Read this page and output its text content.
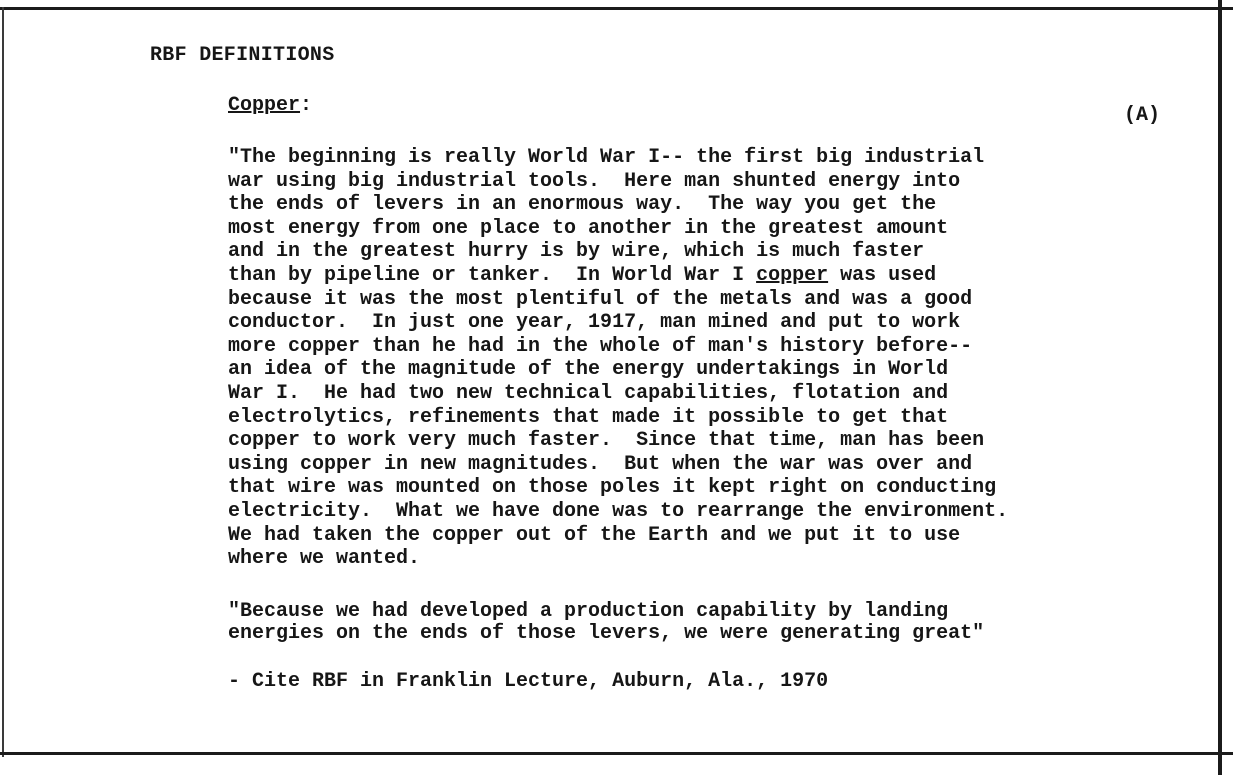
RBF DEFINITIONS
Copper:	(A)
"The beginning is really World War I-- the first big industrial
war using big industrial tools.  Here man shunted energy into
the ends of levers in an enormous way.  The way you get the
most energy from one place to another in the greatest amount
and in the greatest hurry is by wire, which is much faster
than by pipeline or tanker.  In World War I copper was used
because it was the most plentiful of the metals and was a good
conductor.  In just one year, 1917, man mined and put to work
more copper than he had in the whole of man's history before--
an idea of the magnitude of the energy undertakings in World
War I.  He had two new technical capabilities, flotation and
electrolytics, refinements that made it possible to get that
copper to work very much faster.  Since that time, man has been
using copper in new magnitudes.  But when the war was over and
that wire was mounted on those poles it kept right on conducting
electricity.  What we have done was to rearrange the environment.
We had taken the copper out of the Earth and we put it to use
where we wanted.
"Because we had developed a production capability by landing
energies on the ends of those levers, we were generating great"
- Cite RBF in Franklin Lecture, Auburn, Ala., 1970
